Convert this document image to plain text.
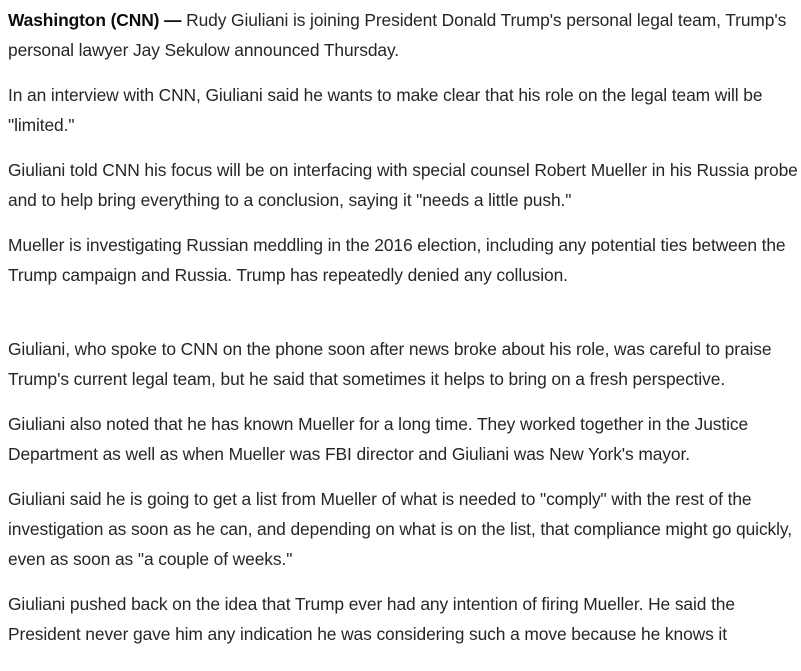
Washington (CNN) — Rudy Giuliani is joining President Donald Trump's personal legal team, Trump's personal lawyer Jay Sekulow announced Thursday.

In an interview with CNN, Giuliani said he wants to make clear that his role on the legal team will be "limited."

Giuliani told CNN his focus will be on interfacing with special counsel Robert Mueller in his Russia probe and to help bring everything to a conclusion, saying it "needs a little push."

Mueller is investigating Russian meddling in the 2016 election, including any potential ties between the Trump campaign and Russia. Trump has repeatedly denied any collusion.

Giuliani, who spoke to CNN on the phone soon after news broke about his role, was careful to praise Trump's current legal team, but he said that sometimes it helps to bring on a fresh perspective.

Giuliani also noted that he has known Mueller for a long time. They worked together in the Justice Department as well as when Mueller was FBI director and Giuliani was New York's mayor.

Giuliani said he is going to get a list from Mueller of what is needed to "comply" with the rest of the investigation as soon as he can, and depending on what is on the list, that compliance might go quickly, even as soon as "a couple of weeks."

Giuliani pushed back on the idea that Trump ever had any intention of firing Mueller. He said the President never gave him any indication he was considering such a move because he knows it
